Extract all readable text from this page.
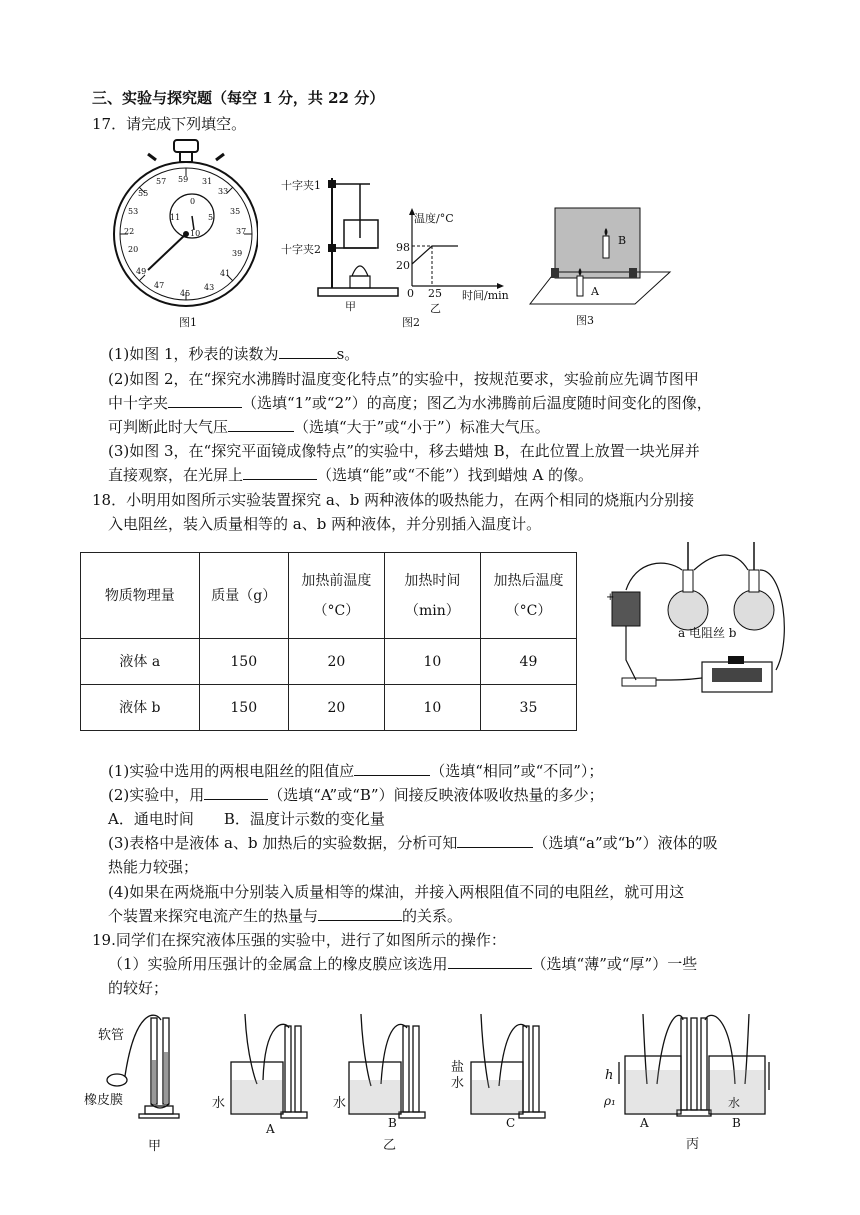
三、实验与探究题（每空 1 分，共 22 分）
17．请完成下列填空。
59 31
33
35
37
39
41
43
45
47
49
20
22
53
55
57
0
5
10
11
图1
十字夹1
十字夹2
甲
温度/°C
98
20
0 25 时间/min
乙
图2
B
A
图3
(1)如图 1，秒表的读数为	s。
(2)如图 2，在“探究水沸腾时温度变化特点”的实验中，按规范要求，实验前应先调节图甲
中十字夹	（选填“1”或“2”）的高度；图乙为水沸腾前后温度随时间变化的图像，
可判断此时大气压	（选填“大于”或“小于”）标准大气压。
(3)如图 3，在“探究平面镜成像特点”的实验中，移去蜡烛 B，在此位置上放置一块光屏并
直接观察，在光屏上	（选填“能”或“不能”）找到蜡烛 A 的像。
18．小明用如图所示实验装置探究 a、b 两种液体的吸热能力，在两个相同的烧瓶内分别接
入电阻丝，装入质量相等的 a、b 两种液体，并分别插入温度计。
物质物理量	质量（g）	加热前温度（°C）	加热时间（min）	加热后温度（°C）
液体 a	150	20	10	49
液体 b	150	20	10	35
+
a 电阻丝 b
(1)实验中选用的两根电阻丝的阻值应	（选填“相同”或“不同”）；
(2)实验中，用	（选填“A”或“B”）间接反映液体吸收热量的多少；
A．通电时间　　B．温度计示数的变化量
(3)表格中是液体 a、b 加热后的实验数据，分析可知	（选填“a”或“b”）液体的吸
热能力较强；
(4)如果在两烧瓶中分别装入质量相等的煤油，并接入两根阻值不同的电阻丝，就可用这
个装置来探究电流产生的热量与	的关系。
19.同学们在探究液体压强的实验中，进行了如图所示的操作：
（1）实验所用压强计的金属盒上的橡皮膜应该选用	（选填“薄”或“厚”）一些
的较好；
软管
橡皮膜
甲
水
A
水
B
乙
盐水
C
h
ρ₁	水
A	B
丙
